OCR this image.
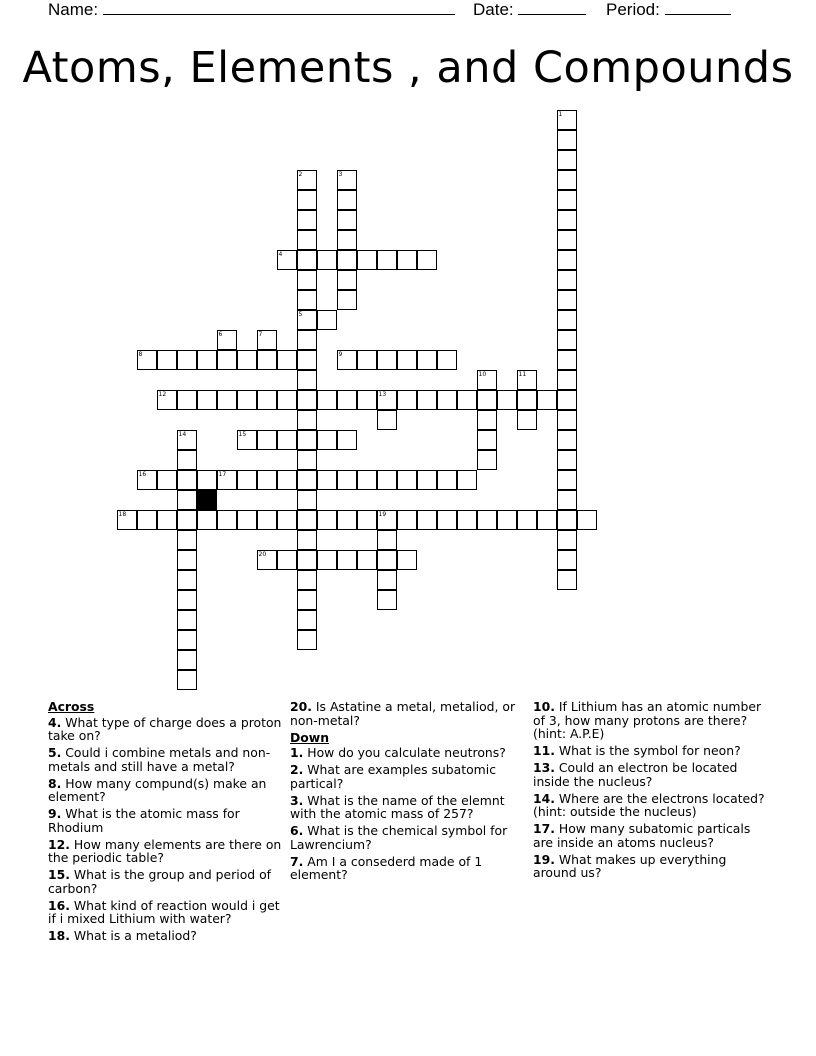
Name:	Date:	Period:
Atoms, Elements , and Compounds
1
2	3
4
5
6	7
8	9
10	11
12	13
14	15
16	17
18	19
20
Across
4. What type of charge does a proton take on?
5. Could i combine metals and non-metals and still have a metal?
8. How many compund(s) make an element?
9. What is the atomic mass for Rhodium
12. How many elements are there on the periodic table?
15. What is the group and period of carbon?
16. What kind of reaction would i get if i mixed Lithium with water?
18. What is a metaliod?
20. Is Astatine a metal, metaliod, or non-metal?
Down
1. How do you calculate neutrons?
2. What are examples subatomic partical?
3. What is the name of the elemnt with the atomic mass of 257?
6. What is the chemical symbol for Lawrencium?
7. Am I a consederd made of 1 element?
10. If Lithium has an atomic number of 3, how many protons are there? (hint: A.P.E)
11. What is the symbol for neon?
13. Could an electron be located inside the nucleus?
14. Where are the electrons located? (hint: outside the nucleus)
17. How many subatomic particals are inside an atoms nucleus?
19. What makes up everything around us?
